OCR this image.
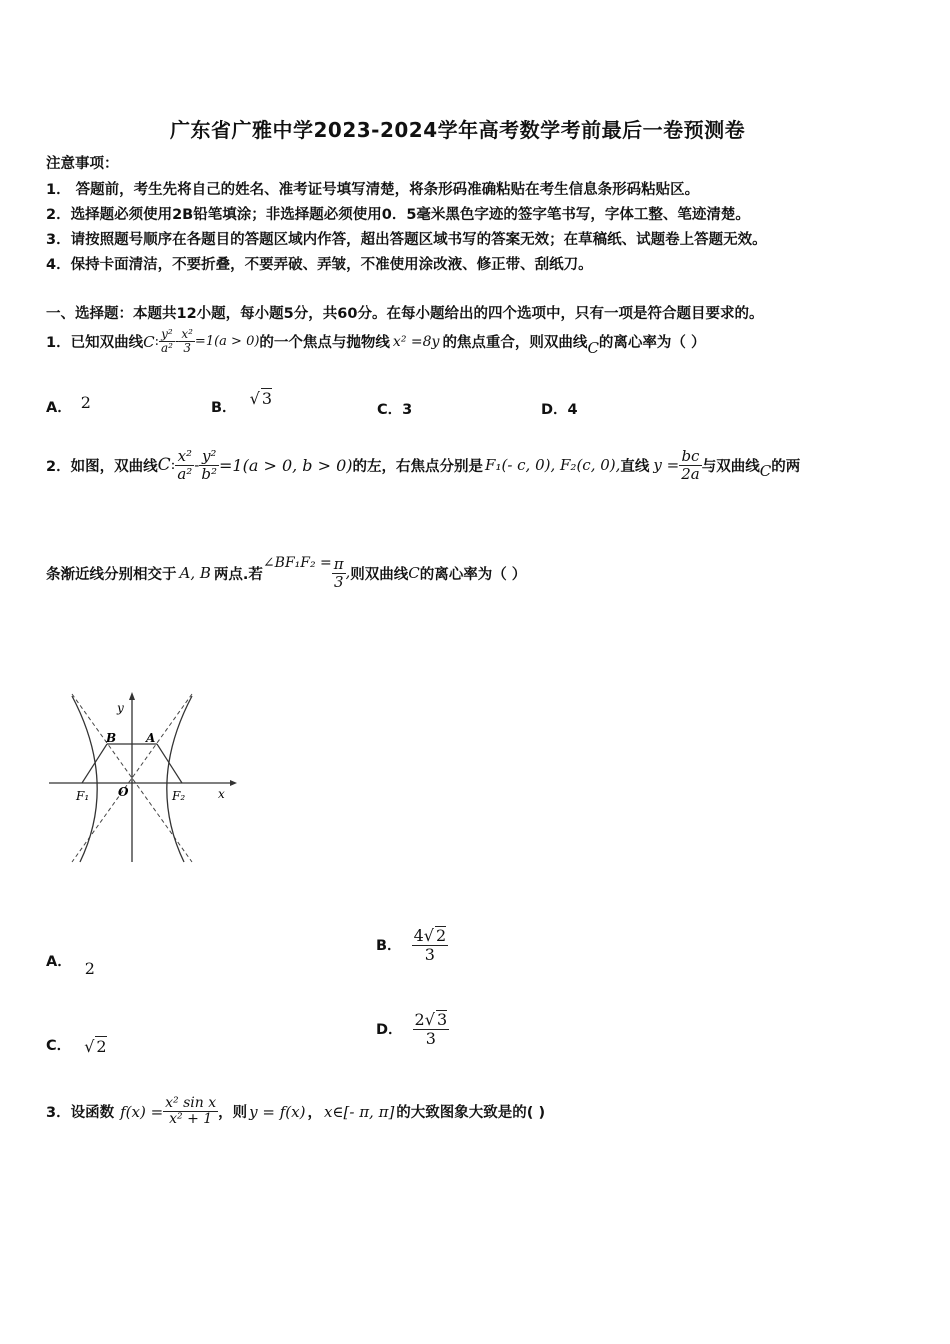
广东省广雅中学2023-2024学年高考数学考前最后一卷预测卷
注意事项：
1． 答题前，考生先将自己的姓名、准考证号填写清楚，将条形码准确粘贴在考生信息条形码粘贴区。
2．选择题必须使用2B铅笔填涂；非选择题必须使用0．5毫米黑色字迹的签字笔书写，字体工整、笔迹清楚。
3．请按照题号顺序在各题目的答题区域内作答，超出答题区域书写的答案无效；在草稿纸、试题卷上答题无效。
4．保持卡面清洁，不要折叠，不要弄破、弄皱，不准使用涂改液、修正带、刮纸刀。
一、选择题：本题共12小题，每小题5分，共60分。在每小题给出的四个选项中，只有一项是符合题目要求的。
1．已知双曲线 C : $\frac{\text{y²}}{\text{a²}} - \frac{\text{x²}}{3} =1(a > 0)$ 的一个焦点与抛物线 x² =8y 的焦点重合，则双曲线 C 的离心率为（ ）
A． 2	B． √ 3
C．3	D．4
2．如图，双曲线 C : $\frac{\text{x²}}{\text{a²}} - \frac{\text{y²}}{\text{b²}} =1(a > 0$, b > 0) 的左，右焦点分别是 F₁(- c, 0), F₂(c, 0), 直线 $y = \frac{bc}{2a}$ 与双曲线 C 的两
条渐近线分别相交于 A, B 两点.若
∠BF₁F₂ = $\frac{\pi}{3}$ , 则双曲线 C 的离心率为（ ）
y
x
B A
O
F₁	F₂
A． 2
B． $\frac{4√ 2}{3}$
C． √ 2
D． $\frac{2√ 3}{3}$
3．设函数 $f(x) = \frac{\text{x² sin x}}{\text{x² + 1}}$ ，则 y = f(x) ， x∈[- π, π] 的大致图象大致是的( )
